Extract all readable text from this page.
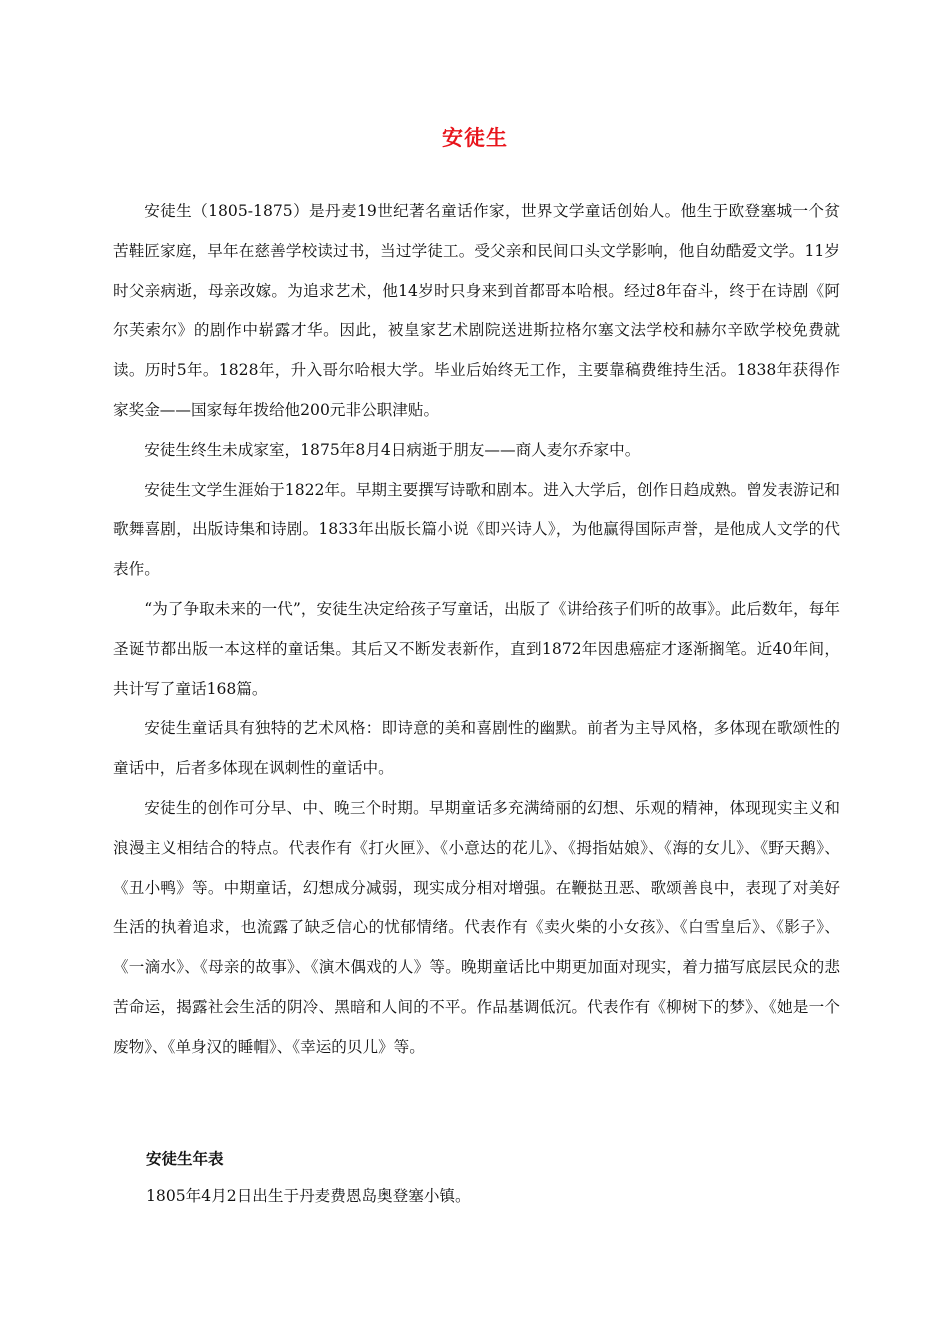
安徒生

安徒生（1805-1875）是丹麦19世纪著名童话作家，世界文学童话创始人。他生于欧登塞城一个贫苦鞋匠家庭，早年在慈善学校读过书，当过学徒工。受父亲和民间口头文学影响，他自幼酷爱文学。11岁时父亲病逝，母亲改嫁。为追求艺术，他14岁时只身来到首都哥本哈根。经过8年奋斗，终于在诗剧《阿尔芙索尔》的剧作中崭露才华。因此，被皇家艺术剧院送进斯拉格尔塞文法学校和赫尔辛欧学校免费就读。历时5年。1828年，升入哥尔哈根大学。毕业后始终无工作，主要靠稿费维持生活。1838年获得作家奖金——国家每年拨给他200元非公职津贴。

安徒生终生未成家室，1875年8月4日病逝于朋友——商人麦尔乔家中。

安徒生文学生涯始于1822年。早期主要撰写诗歌和剧本。进入大学后，创作日趋成熟。曾发表游记和歌舞喜剧，出版诗集和诗剧。1833年出版长篇小说《即兴诗人》，为他赢得国际声誉，是他成人文学的代表作。

“为了争取未来的一代”，安徒生决定给孩子写童话，出版了《讲给孩子们听的故事》。此后数年，每年圣诞节都出版一本这样的童话集。其后又不断发表新作，直到1872年因患癌症才逐渐搁笔。近40年间，共计写了童话168篇。

安徒生童话具有独特的艺术风格：即诗意的美和喜剧性的幽默。前者为主导风格，多体现在歌颂性的童话中，后者多体现在讽刺性的童话中。

安徒生的创作可分早、中、晚三个时期。早期童话多充满绮丽的幻想、乐观的精神，体现现实主义和浪漫主义相结合的特点。代表作有《打火匣》、《小意达的花儿》、《拇指姑娘》、《海的女儿》、《野天鹅》、《丑小鸭》等。中期童话，幻想成分减弱，现实成分相对增强。在鞭挞丑恶、歌颂善良中，表现了对美好生活的执着追求，也流露了缺乏信心的忧郁情绪。代表作有《卖火柴的小女孩》、《白雪皇后》、《影子》、《一滴水》、《母亲的故事》、《演木偶戏的人》等。晚期童话比中期更加面对现实，着力描写底层民众的悲苦命运，揭露社会生活的阴冷、黑暗和人间的不平。作品基调低沉。代表作有《柳树下的梦》、《她是一个废物》、《单身汉的睡帽》、《幸运的贝儿》等。

安徒生年表
1805年4月2日出生于丹麦费恩岛奥登塞小镇。
